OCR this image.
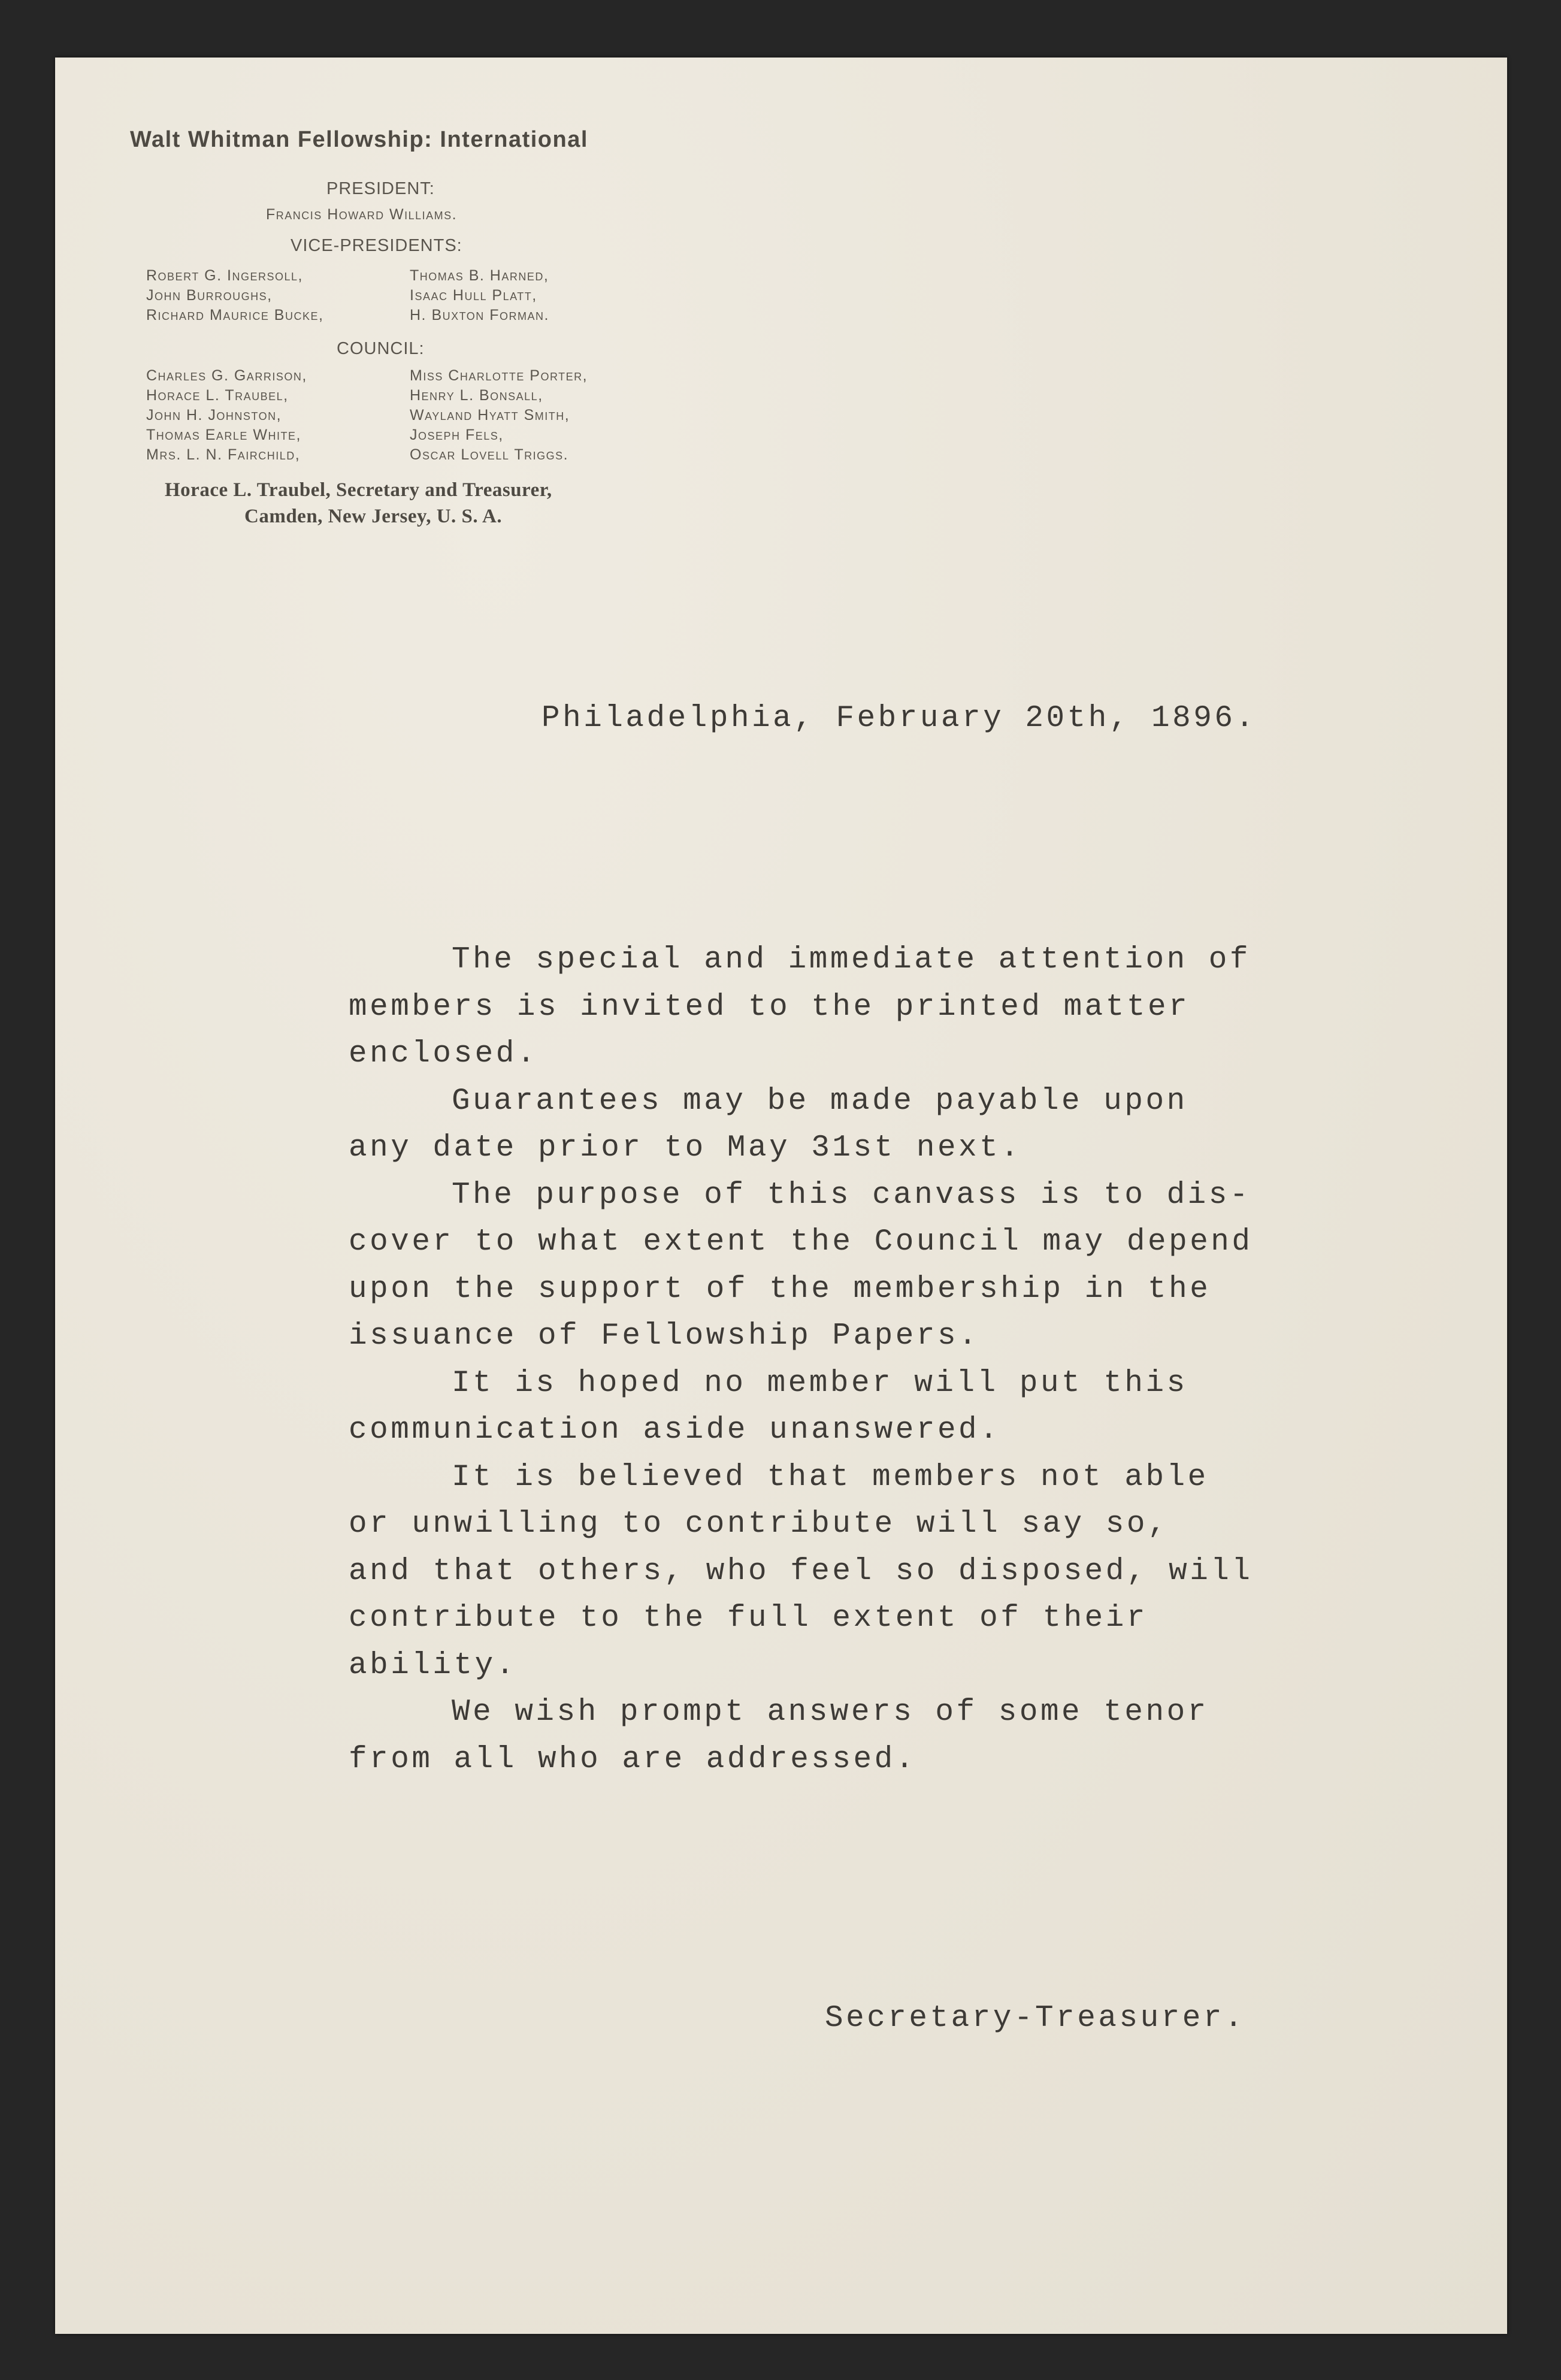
Walt Whitman Fellowship: International
PRESIDENT:
Francis Howard Williams.
VICE-PRESIDENTS:
Robert G. Ingersoll,
John Burroughs,
Richard Maurice Bucke,
Thomas B. Harned,
Isaac Hull Platt,
H. Buxton Forman.
COUNCIL:
Charles G. Garrison,
Horace L. Traubel,
John H. Johnston,
Thomas Earle White,
Mrs. L. N. Fairchild,
Miss Charlotte Porter,
Henry L. Bonsall,
Wayland Hyatt Smith,
Joseph Fels,
Oscar Lovell Triggs.
Horace L. Traubel, Secretary and Treasurer,
Camden, New Jersey, U. S. A.
Philadelphia, February 20th, 1896.
The special and immediate attention of
members is invited to the printed matter
enclosed.
Guarantees may be made payable upon
any date prior to May 31st next.
The purpose of this canvass is to dis-
cover to what extent the Council may depend
upon the support of the membership in the
issuance of Fellowship Papers.
It is hoped no member will put this
communication aside unanswered.
It is believed that members not able
or unwilling to contribute will say so,
and that others, who feel so disposed, will
contribute to the full extent of their
ability.
We wish prompt answers of some tenor
from all who are addressed.
Secretary-Treasurer.
